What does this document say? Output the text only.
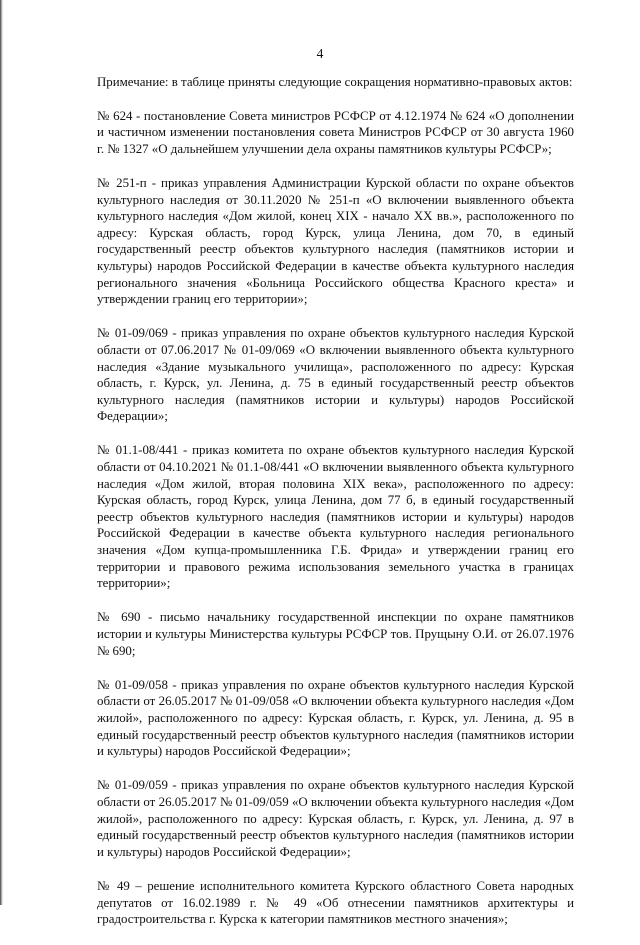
4

Примечание: в таблице приняты следующие сокращения нормативно-правовых актов:

№ 624 - постановление Совета министров РСФСР от 4.12.1974 № 624 «О дополнении и частичном изменении постановления совета Министров РСФСР от 30 августа 1960 г. № 1327 «О дальнейшем улучшении дела охраны памятников культуры РСФСР»;

№ 251-п - приказ управления Администрации Курской области по охране объектов культурного наследия от 30.11.2020 № 251-п «О включении выявленного объекта культурного наследия «Дом жилой, конец XIX - начало XX вв.», расположенного по адресу: Курская область, город Курск, улица Ленина, дом 70, в единый государственный реестр объектов культурного наследия (памятников истории и культуры) народов Российской Федерации в качестве объекта культурного наследия регионального значения «Больница Российского общества Красного креста» и утверждении границ его территории»;

№ 01-09/069 - приказ управления по охране объектов культурного наследия Курской области от 07.06.2017 № 01-09/069 «О включении выявленного объекта культурного наследия «Здание музыкального училища», расположенного по адресу: Курская область, г. Курск, ул. Ленина, д. 75 в единый государственный реестр объектов культурного наследия (памятников истории и культуры) народов Российской Федерации»;

№ 01.1-08/441 - приказ комитета по охране объектов культурного наследия Курской области от 04.10.2021 № 01.1-08/441 «О включении выявленного объекта культурного наследия «Дом жилой, вторая половина XIX века», расположенного по адресу: Курская область, город Курск, улица Ленина, дом 77 б, в единый государственный реестр объектов культурного наследия (памятников истории и культуры) народов Российской Федерации в качестве объекта культурного наследия регионального значения «Дом купца-промышленника Г.Б. Фрида» и утверждении границ его территории и правового режима использования земельного участка в границах территории»;

№ 690 - письмо начальнику государственной инспекции по охране памятников истории и культуры Министерства культуры РСФСР тов. Прущыну О.И. от 26.07.1976 № 690;

№ 01-09/058 - приказ управления по охране объектов культурного наследия Курской области от 26.05.2017 № 01-09/058 «О включении объекта культурного наследия «Дом жилой», расположенного по адресу: Курская область, г. Курск, ул. Ленина, д. 95 в единый государственный реестр объектов культурного наследия (памятников истории и культуры) народов Российской Федерации»;

№ 01-09/059 - приказ управления по охране объектов культурного наследия Курской области от 26.05.2017 № 01-09/059 «О включении объекта культурного наследия «Дом жилой», расположенного по адресу: Курская область, г. Курск, ул. Ленина, д. 97 в единый государственный реестр объектов культурного наследия (памятников истории и культуры) народов Российской Федерации»;

№ 49 – решение исполнительного комитета Курского областного Совета народных депутатов от 16.02.1989 г. № 49 «Об отнесении памятников архитектуры и градостроительства г. Курска к категории памятников местного значения»;
